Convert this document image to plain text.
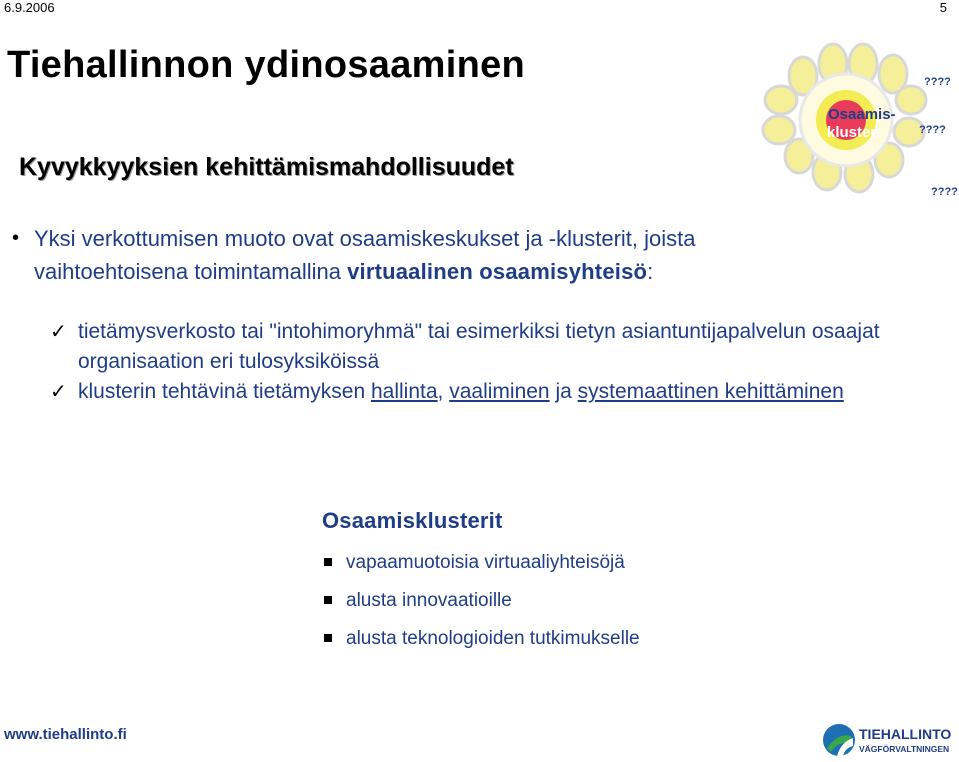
6.9.2006	5
Tiehallinnon ydinosaaminen
Kyvykkyyksien kehittämismahdollisuudet
Osaamis-
klusteri
????
????
????
• Yksi verkottumisen muoto ovat osaamiskeskukset ja -klusterit, joista
vaihtoehtoisena toimintamallina virtuaalinen osaamisyhteisö:
✓ tietämysverkosto tai "intohimoryhmä" tai esimerkiksi tietyn asiantuntijapalvelun osaajat organisaation eri tulosyksiköissä
✓ klusterin tehtävinä tietämyksen hallinta, vaaliminen ja systemaattinen kehittäminen
Osaamisklusterit
vapaamuotoisia virtuaaliyhteisöjä
alusta innovaatioille
alusta teknologioiden tutkimukselle
www.tiehallinto.fi	TIEHALLINTO
VÄGFÖRVALTNINGEN
